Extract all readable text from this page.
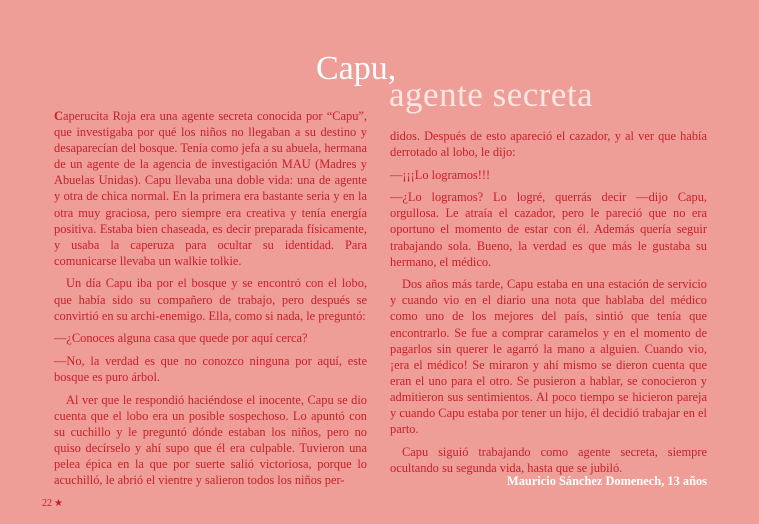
Capu,
agente secreta

Caperucita Roja era una agente secreta conocida por “Capu”, que investigaba por qué los niños no llegaban a su destino y desaparecían del bosque. Tenía como jefa a su abuela, hermana de un agente de la agencia de investigación MAU (Madres y Abuelas Unidas). Capu llevaba una doble vida: una de agente y otra de chica normal. En la primera era bastante seria y en la otra muy graciosa, pero siempre era creativa y tenía energía positiva. Estaba bien chaseada, es decir preparada físicamente, y usaba la caperuza para ocultar su identidad. Para comunicarse llevaba un walkie tolkie.

Un día Capu iba por el bosque y se encontró con el lobo, que había sido su compañero de trabajo, pero después se convirtió en su archi-enemigo. Ella, como si nada, le preguntó:

—¿Conoces alguna casa que quede por aquí cerca?

—No, la verdad es que no conozco ninguna por aquí, este bosque es puro árbol.

Al ver que le respondió haciéndose el inocente, Capu se dio cuenta que el lobo era un posible sospechoso. Lo apuntó con su cuchillo y le preguntó dónde estaban los niños, pero no quiso decírselo y ahí supo que él era culpable. Tuvieron una pelea épica en la que por suerte salió victoriosa, porque lo acuchilló, le abrió el vientre y salieron todos los niños per-

didos. Después de esto apareció el cazador, y al ver que había derrotado al lobo, le dijo:

—¡¡¡Lo logramos!!!

—¿Lo logramos? Lo logré, querrás decir —dijo Capu, orgullosa. Le atraía el cazador, pero le pareció que no era oportuno el momento de estar con él. Además quería seguir trabajando sola. Bueno, la verdad es que más le gustaba su hermano, el médico.

Dos años más tarde, Capu estaba en una estación de servicio y cuando vio en el diario una nota que hablaba del médico como uno de los mejores del país, sintió que tenía que encontrarlo. Se fue a comprar caramelos y en el momento de pagarlos sin querer le agarró la mano a alguien. Cuando vio, ¡era el médico! Se miraron y ahí mismo se dieron cuenta que eran el uno para el otro. Se pusieron a hablar, se conocieron y admitieron sus sentimientos. Al poco tiempo se hicieron pareja y cuando Capu estaba por tener un hijo, él decidió trabajar en el parto.

Capu siguió trabajando como agente secreta, siempre ocultando su segunda vida, hasta que se jubiló.

Mauricio Sánchez Domenech, 13 años
22 ★
